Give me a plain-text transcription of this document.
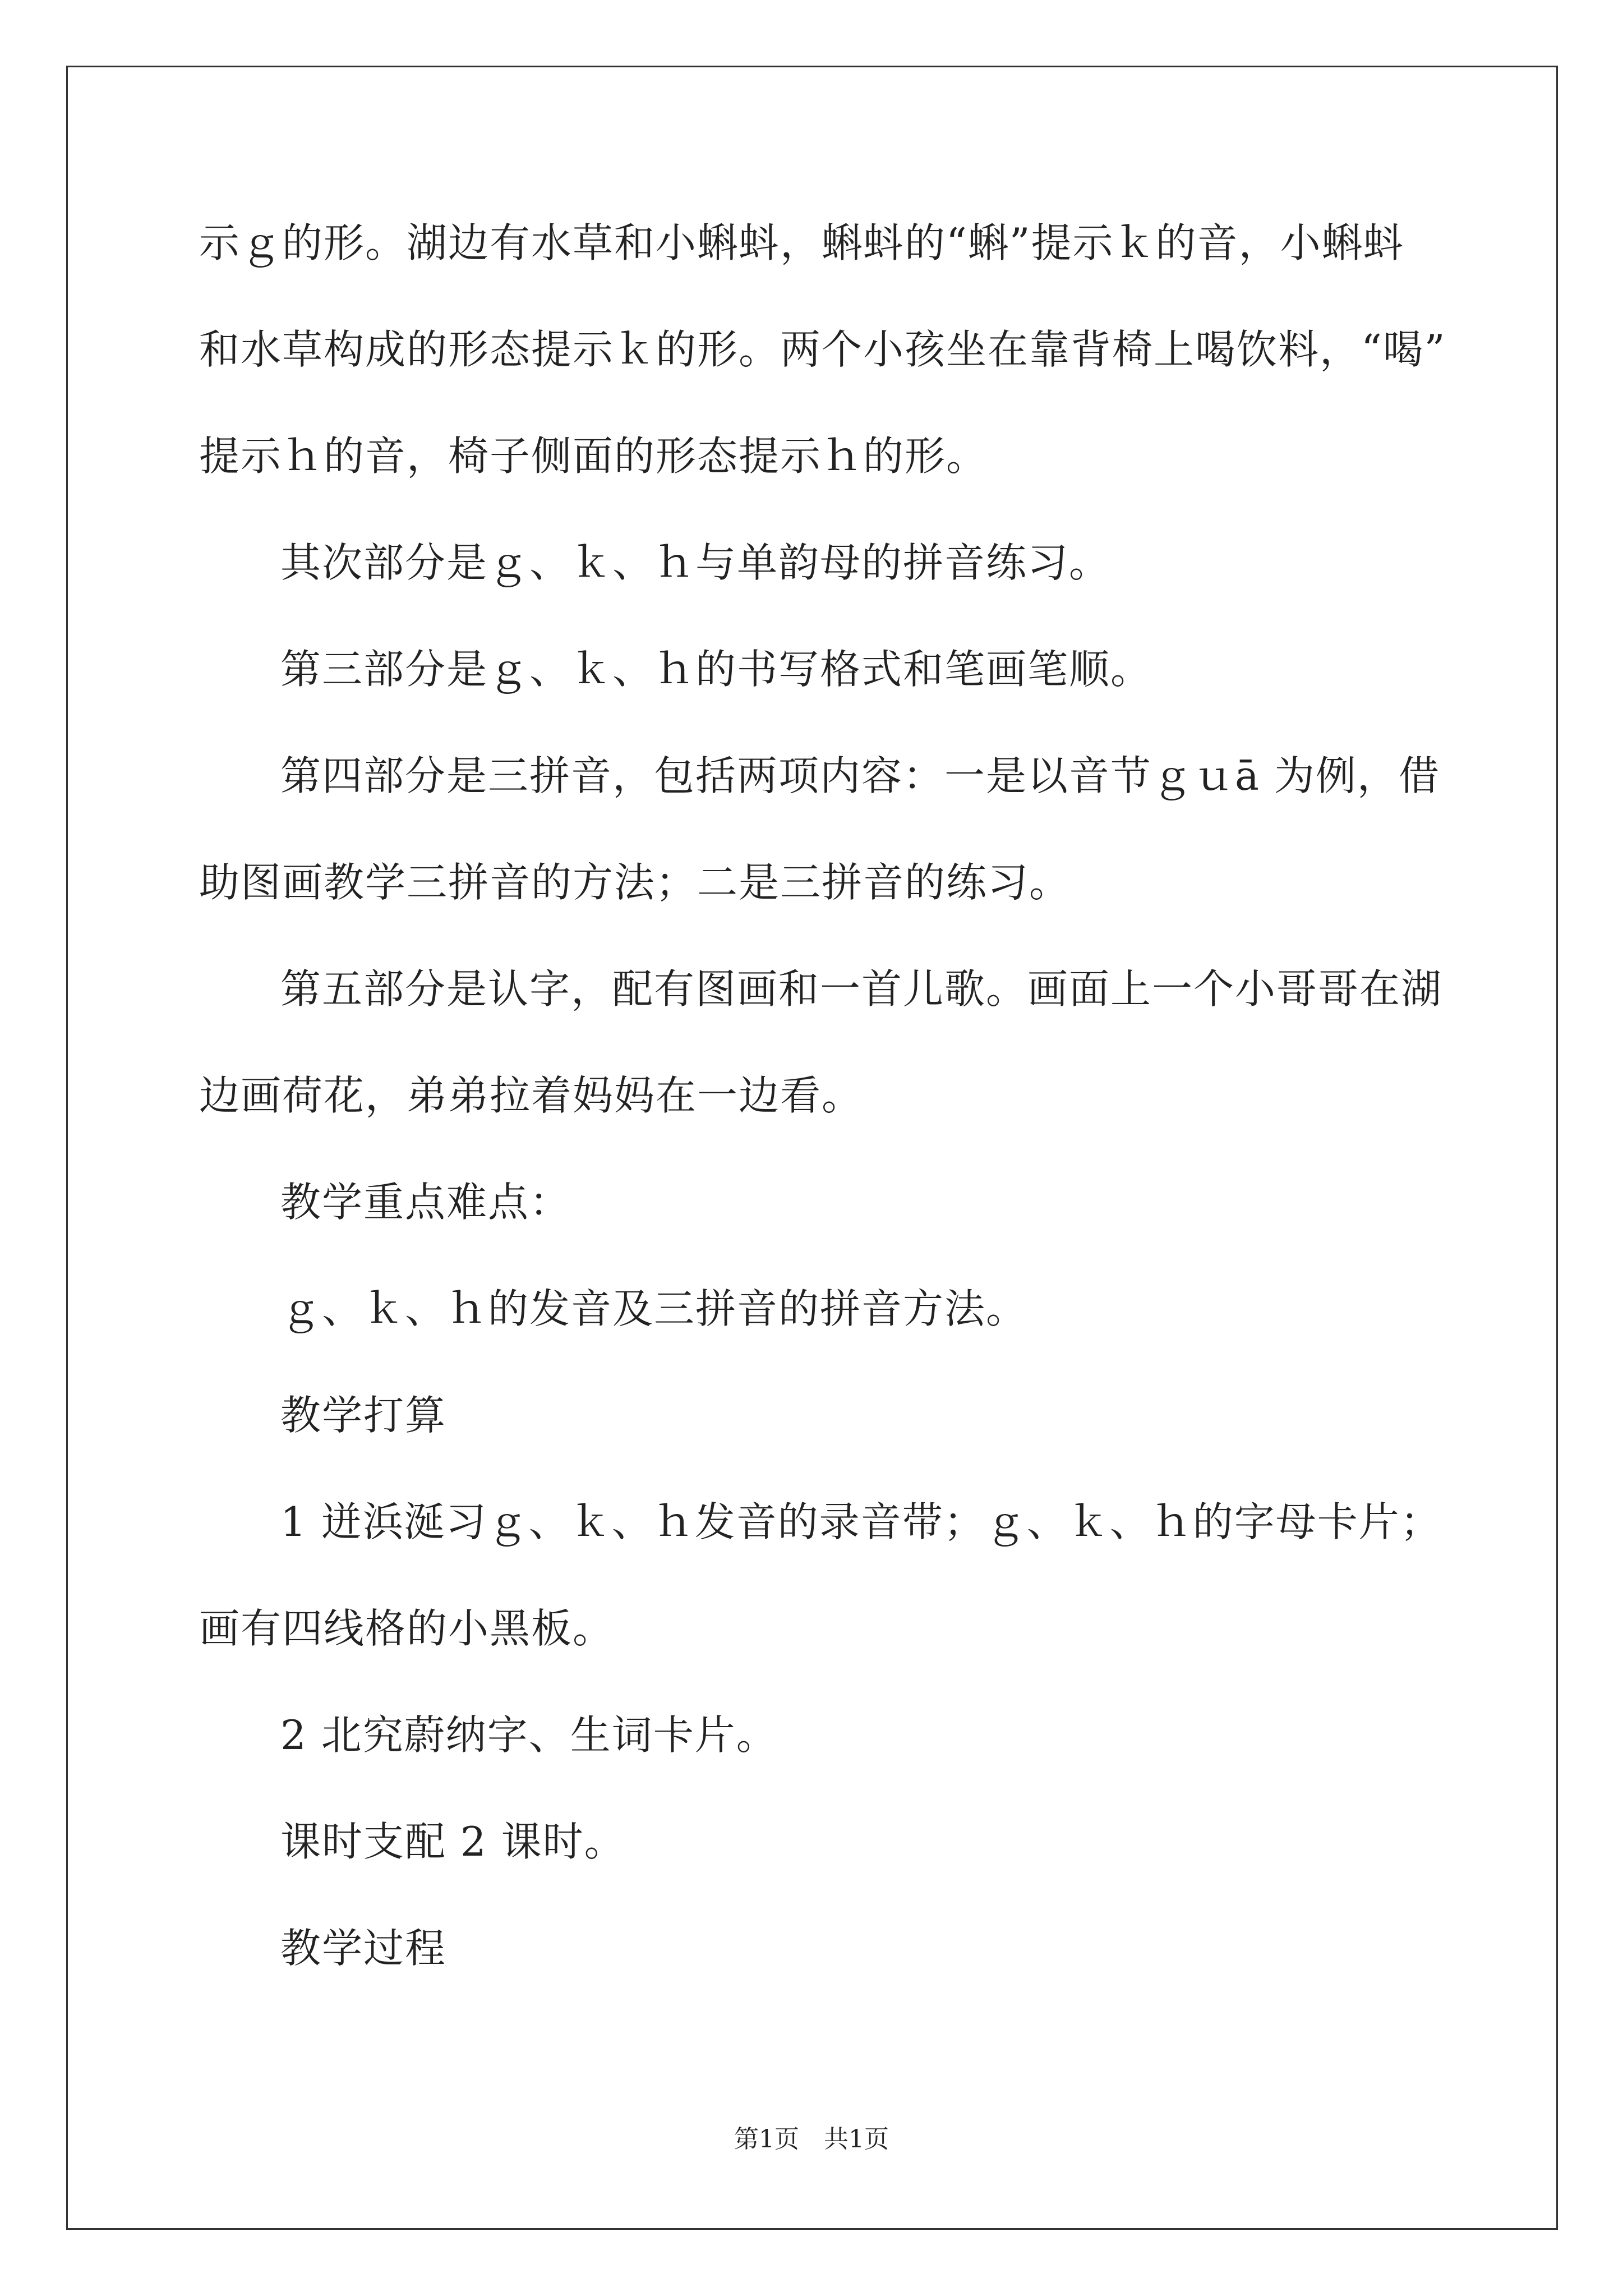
示ｇ的形。湖边有水草和小蝌蚪，蝌蚪的“蝌”提示ｋ的音，小蝌蚪
和水草构成的形态提示ｋ的形。两个小孩坐在靠背椅上喝饮料，“喝”
提示ｈ的音，椅子侧面的形态提示ｈ的形。
其次部分是ｇ、ｋ、ｈ与单韵母的拼音练习。
第三部分是ｇ、ｋ、ｈ的书写格式和笔画笔顺。
第四部分是三拼音，包括两项内容：一是以音节ｇｕā 为例，借
助图画教学三拼音的方法；二是三拼音的练习。
第五部分是认字，配有图画和一首儿歌。画面上一个小哥哥在湖
边画荷花，弟弟拉着妈妈在一边看。
教学重点难点：
ｇ、ｋ、ｈ的发音及三拼音的拼音方法。
教学打算
1 迸浜涎习ｇ、ｋ、ｈ发音的录音带；ｇ、ｋ、ｈ的字母卡片；
画有四线格的小黑板。
2 北究蔚纳字、生词卡片。
课时支配 2 课时。
教学过程
第1页　共1页
